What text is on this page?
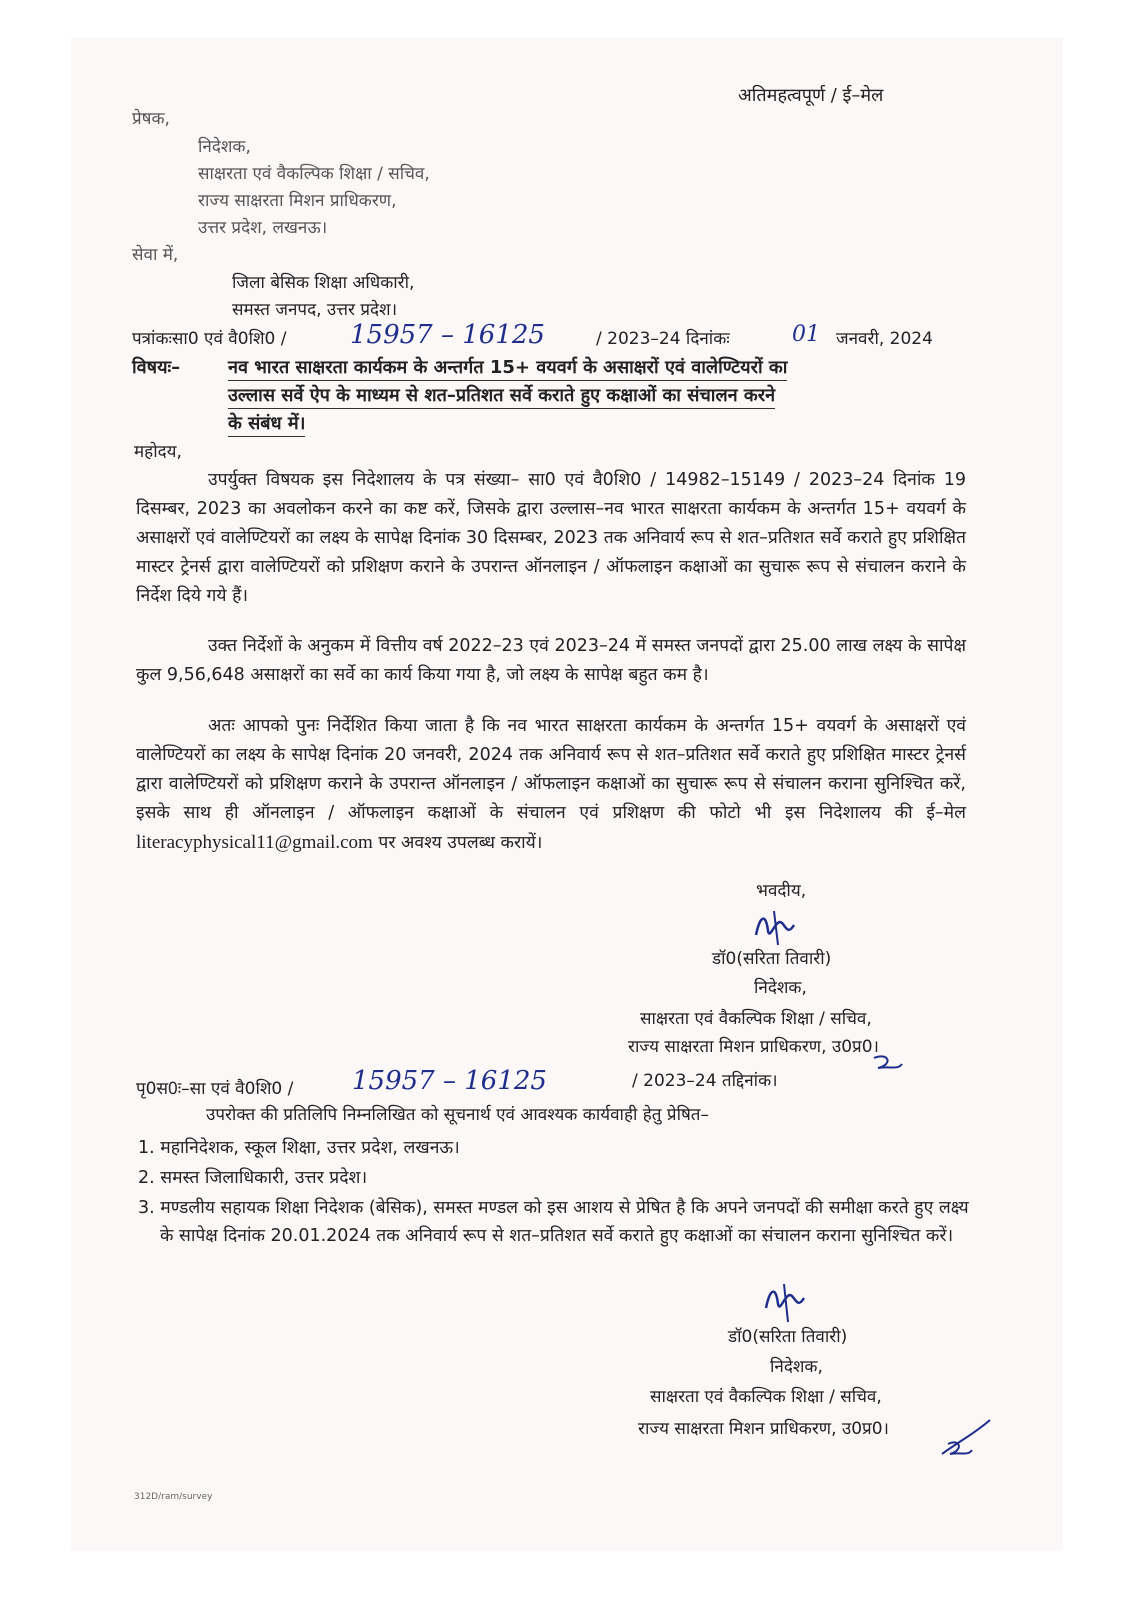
अतिमहत्वपूर्ण / ई–मेल
प्रेषक,
निदेशक,
साक्षरता एवं वैकल्पिक शिक्षा / सचिव,
राज्य साक्षरता मिशन प्राधिकरण,
उत्तर प्रदेश, लखनऊ।
सेवा में,
जिला बेसिक शिक्षा अधिकारी,
समस्त जनपद, उत्तर प्रदेश।
पत्रांकःसा0 एवं वै0शि0 / 15957 – 16125	/ 2023–24 दिनांकः	01 जनवरी, 2024
विषयः–	नव भारत साक्षरता कार्यकम के अन्तर्गत 15+ वयवर्ग के असाक्षरों एवं वालेण्टियरों का
उल्लास सर्वे ऐप के माध्यम से शत–प्रतिशत सर्वे कराते हुए कक्षाओं का संचालन करने
के संबंध में।
महोदय,
उपर्युक्त विषयक इस निदेशालय के पत्र संख्या– सा0 एवं वै0शि0 / 14982–15149 / 2023–24 दिनांक 19 दिसम्बर, 2023 का अवलोकन करने का कष्ट करें, जिसके द्वारा उल्लास–नव भारत साक्षरता कार्यकम के अन्तर्गत 15+ वयवर्ग के असाक्षरों एवं वालेण्टियरों का लक्ष्य के सापेक्ष दिनांक 30 दिसम्बर, 2023 तक अनिवार्य रूप से शत–प्रतिशत सर्वे कराते हुए प्रशिक्षित मास्टर ट्रेनर्स द्वारा वालेण्टियरों को प्रशिक्षण कराने के उपरान्त ऑनलाइन / ऑफलाइन कक्षाओं का सुचारू रूप से संचालन कराने के निर्देश दिये गये हैं।
उक्त निर्देशों के अनुकम में वित्तीय वर्ष 2022–23 एवं 2023–24 में समस्त जनपदों द्वारा 25.00 लाख लक्ष्य के सापेक्ष कुल 9,56,648 असाक्षरों का सर्वे का कार्य किया गया है, जो लक्ष्य के सापेक्ष बहुत कम है।
अतः आपको पुनः निर्देशित किया जाता है कि नव भारत साक्षरता कार्यकम के अन्तर्गत 15+ वयवर्ग के असाक्षरों एवं वालेण्टियरों का लक्ष्य के सापेक्ष दिनांक 20 जनवरी, 2024 तक अनिवार्य रूप से शत–प्रतिशत सर्वे कराते हुए प्रशिक्षित मास्टर ट्रेनर्स द्वारा वालेण्टियरों को प्रशिक्षण कराने के उपरान्त ऑनलाइन / ऑफलाइन कक्षाओं का सुचारू रूप से संचालन कराना सुनिश्चित करें, इसके साथ ही ऑनलाइन / ऑफलाइन कक्षाओं के संचालन एवं प्रशिक्षण की फोटो भी इस निदेशालय की ई–मेल literacyphysical11@gmail.com पर अवश्य उपलब्ध करायें।
भवदीय,
डॉ0(सरिता तिवारी)
निदेशक,
साक्षरता एवं वैकल्पिक शिक्षा / सचिव,
राज्य साक्षरता मिशन प्राधिकरण, उ0प्र0।
पृ0स0ः–सा एवं वै0शि0 / 15957 – 16125	/ 2023–24 तद्दिनांक।
उपरोक्त की प्रतिलिपि निम्नलिखित को सूचनार्थ एवं आवश्यक कार्यवाही हेतु प्रेषित–
1. महानिदेशक, स्कूल शिक्षा, उत्तर प्रदेश, लखनऊ।
2. समस्त जिलाधिकारी, उत्तर प्रदेश।
3. मण्डलीय सहायक शिक्षा निदेशक (बेसिक), समस्त मण्डल को इस आशय से प्रेषित है कि अपने जनपदों की समीक्षा करते हुए लक्ष्य के सापेक्ष दिनांक 20.01.2024 तक अनिवार्य रूप से शत–प्रतिशत सर्वे कराते हुए कक्षाओं का संचालन कराना सुनिश्चित करें।
डॉ0(सरिता तिवारी)
निदेशक,
साक्षरता एवं वैकल्पिक शिक्षा / सचिव,
राज्य साक्षरता मिशन प्राधिकरण, उ0प्र0।
312D/ram/survey
